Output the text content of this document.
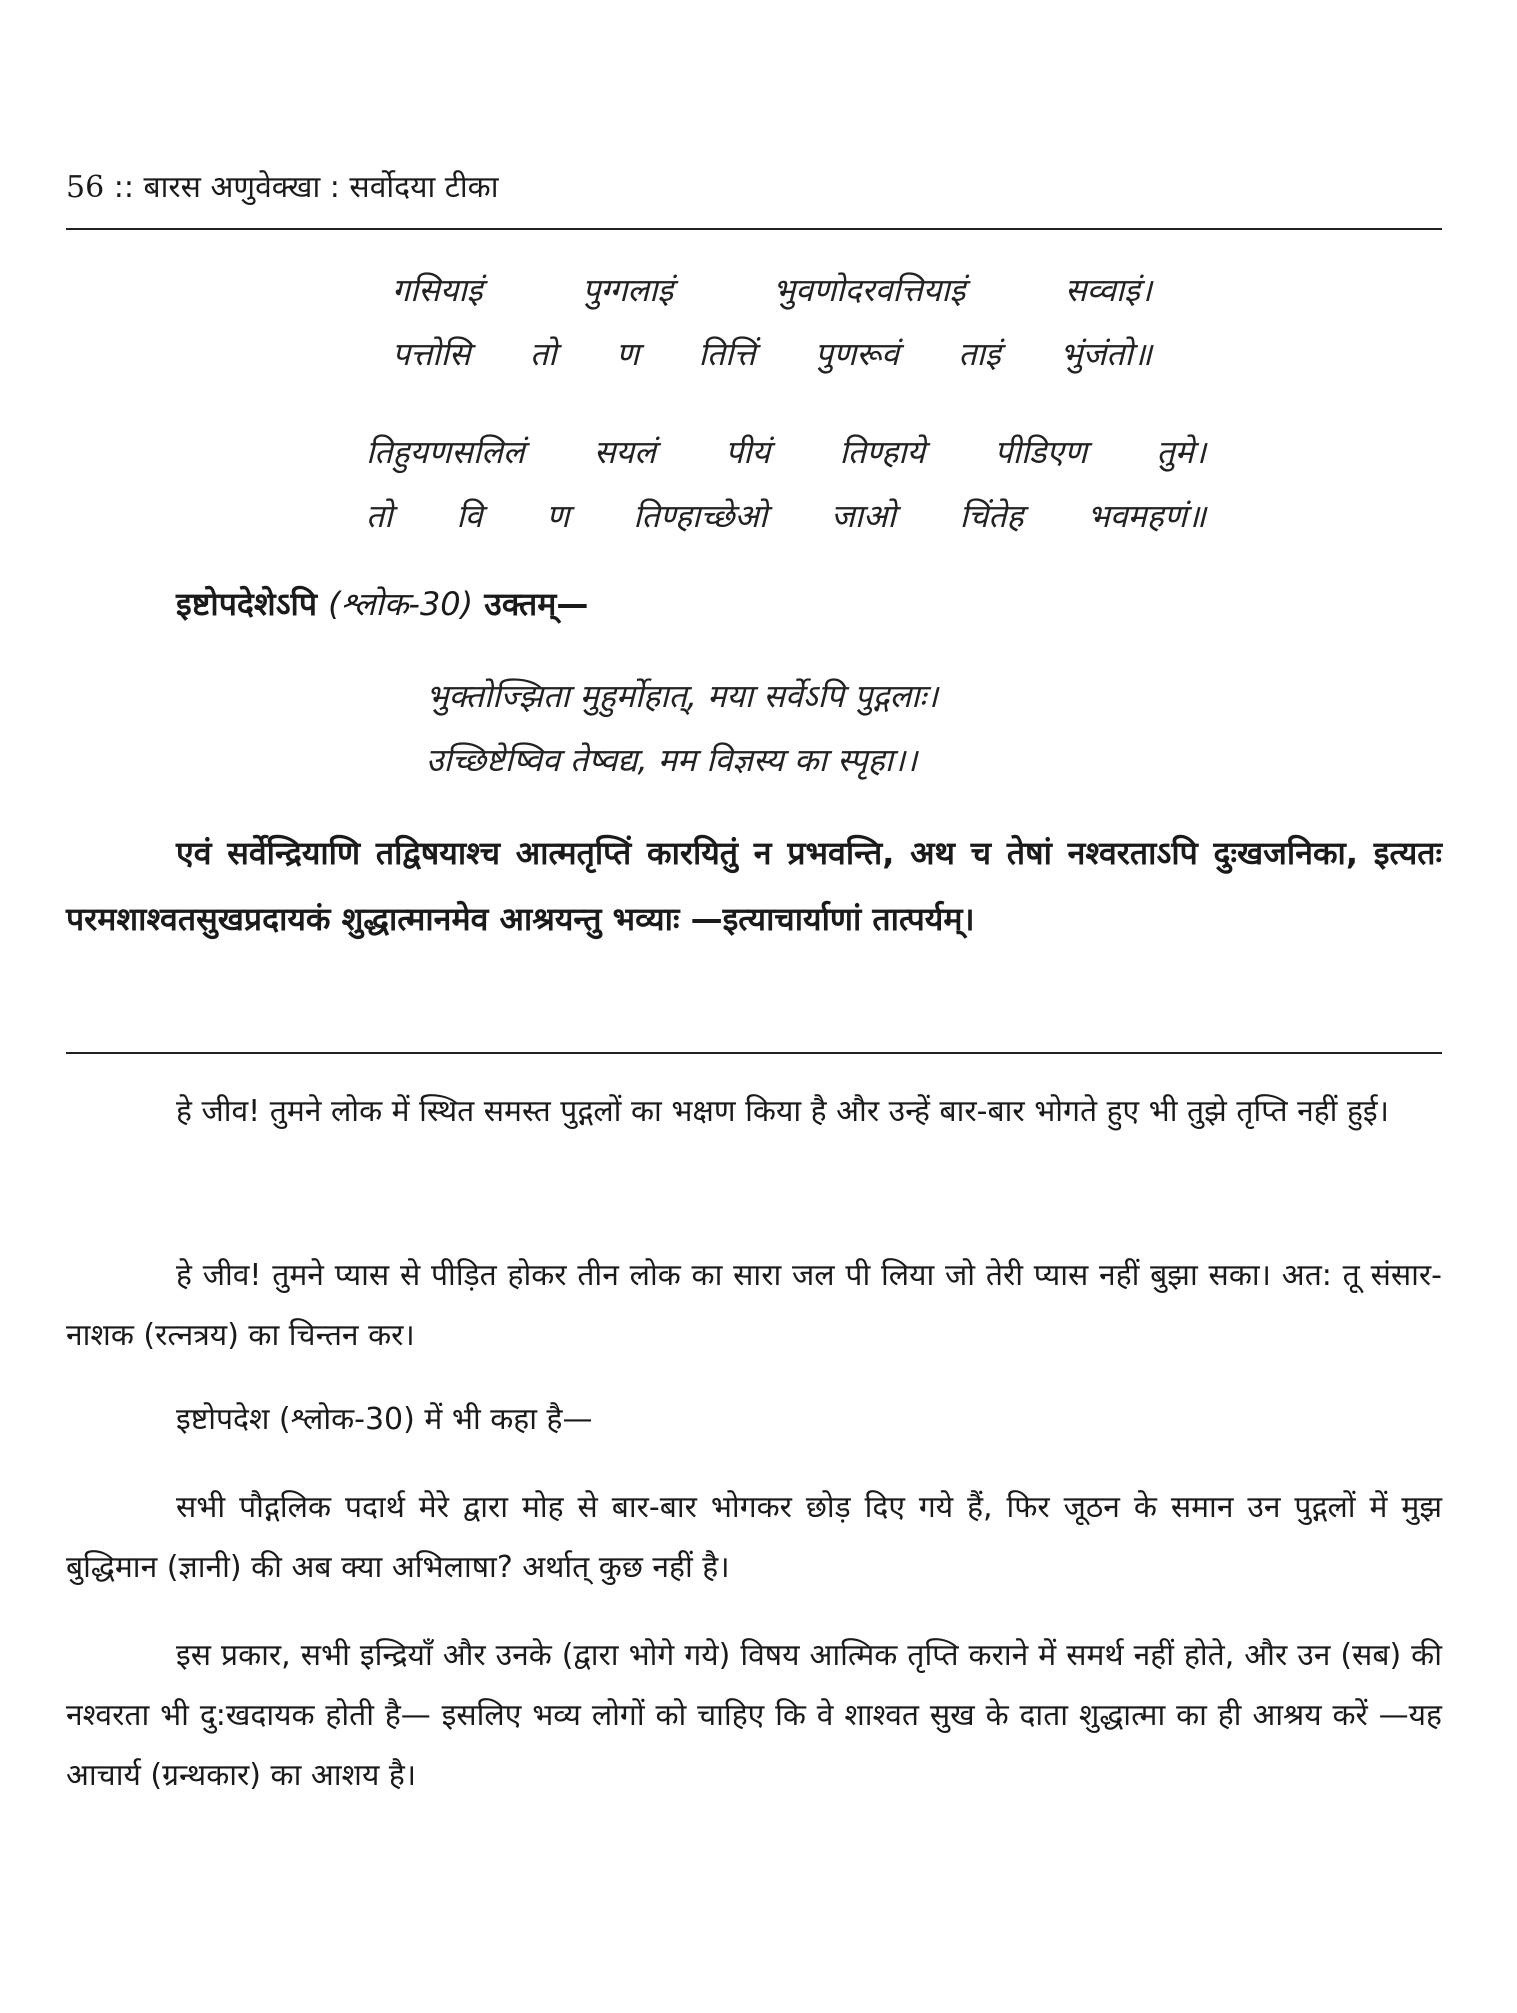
56 :: बारस अणुवेक्खा : सर्वोदया टीका
गसियाइं पुग्गलाइं भुवणोदरवत्तियाइं सव्वाइं।
पत्तोसि तो ण तित्तिं पुणरूवं ताइं भुंजंतो॥
तिहुयणसलिलं सयलं पीयं तिण्हाये पीडिएण तुमे।
तो वि ण तिण्हाच्छेओ जाओ चिंतेह भवमहणं॥
इष्टोपदेशेऽपि (श्लोक-30) उक्तम्—
भुक्तोज्झिता मुहुर्मोहात्, मया सर्वेऽपि पुद्गलाः।
उच्छिष्टेष्विव तेष्वद्य, मम विज्ञस्य का स्पृहा।।
एवं सर्वेन्द्रियाणि तद्विषयाश्च आत्मतृप्तिं कारयितुं न प्रभवन्ति, अथ च तेषां नश्वरताऽपि दुःखजनिका, इत्यतः परमशाश्वतसुखप्रदायकं शुद्धात्मानमेव आश्रयन्तु भव्याः —इत्याचार्याणां तात्पर्यम्।
हे जीव! तुमने लोक में स्थित समस्त पुद्गलों का भक्षण किया है और उन्हें बार-बार भोगते हुए भी तुझे तृप्ति नहीं हुई।
हे जीव! तुमने प्यास से पीड़ित होकर तीन लोक का सारा जल पी लिया जो तेरी प्यास नहीं बुझा सका। अत: तू संसार-नाशक (रत्नत्रय) का चिन्तन कर।
इष्टोपदेश (श्लोक-30) में भी कहा है—
सभी पौद्गलिक पदार्थ मेरे द्वारा मोह से बार-बार भोगकर छोड़ दिए गये हैं, फिर जूठन के समान उन पुद्गलों में मुझ बुद्धिमान (ज्ञानी) की अब क्या अभिलाषा? अर्थात् कुछ नहीं है।
इस प्रकार, सभी इन्द्रियाँ और उनके (द्वारा भोगे गये) विषय आत्मिक तृप्ति कराने में समर्थ नहीं होते, और उन (सब) की नश्वरता भी दु:खदायक होती है— इसलिए भव्य लोगों को चाहिए कि वे शाश्वत सुख के दाता शुद्धात्मा का ही आश्रय करें —यह आचार्य (ग्रन्थकार) का आशय है।
